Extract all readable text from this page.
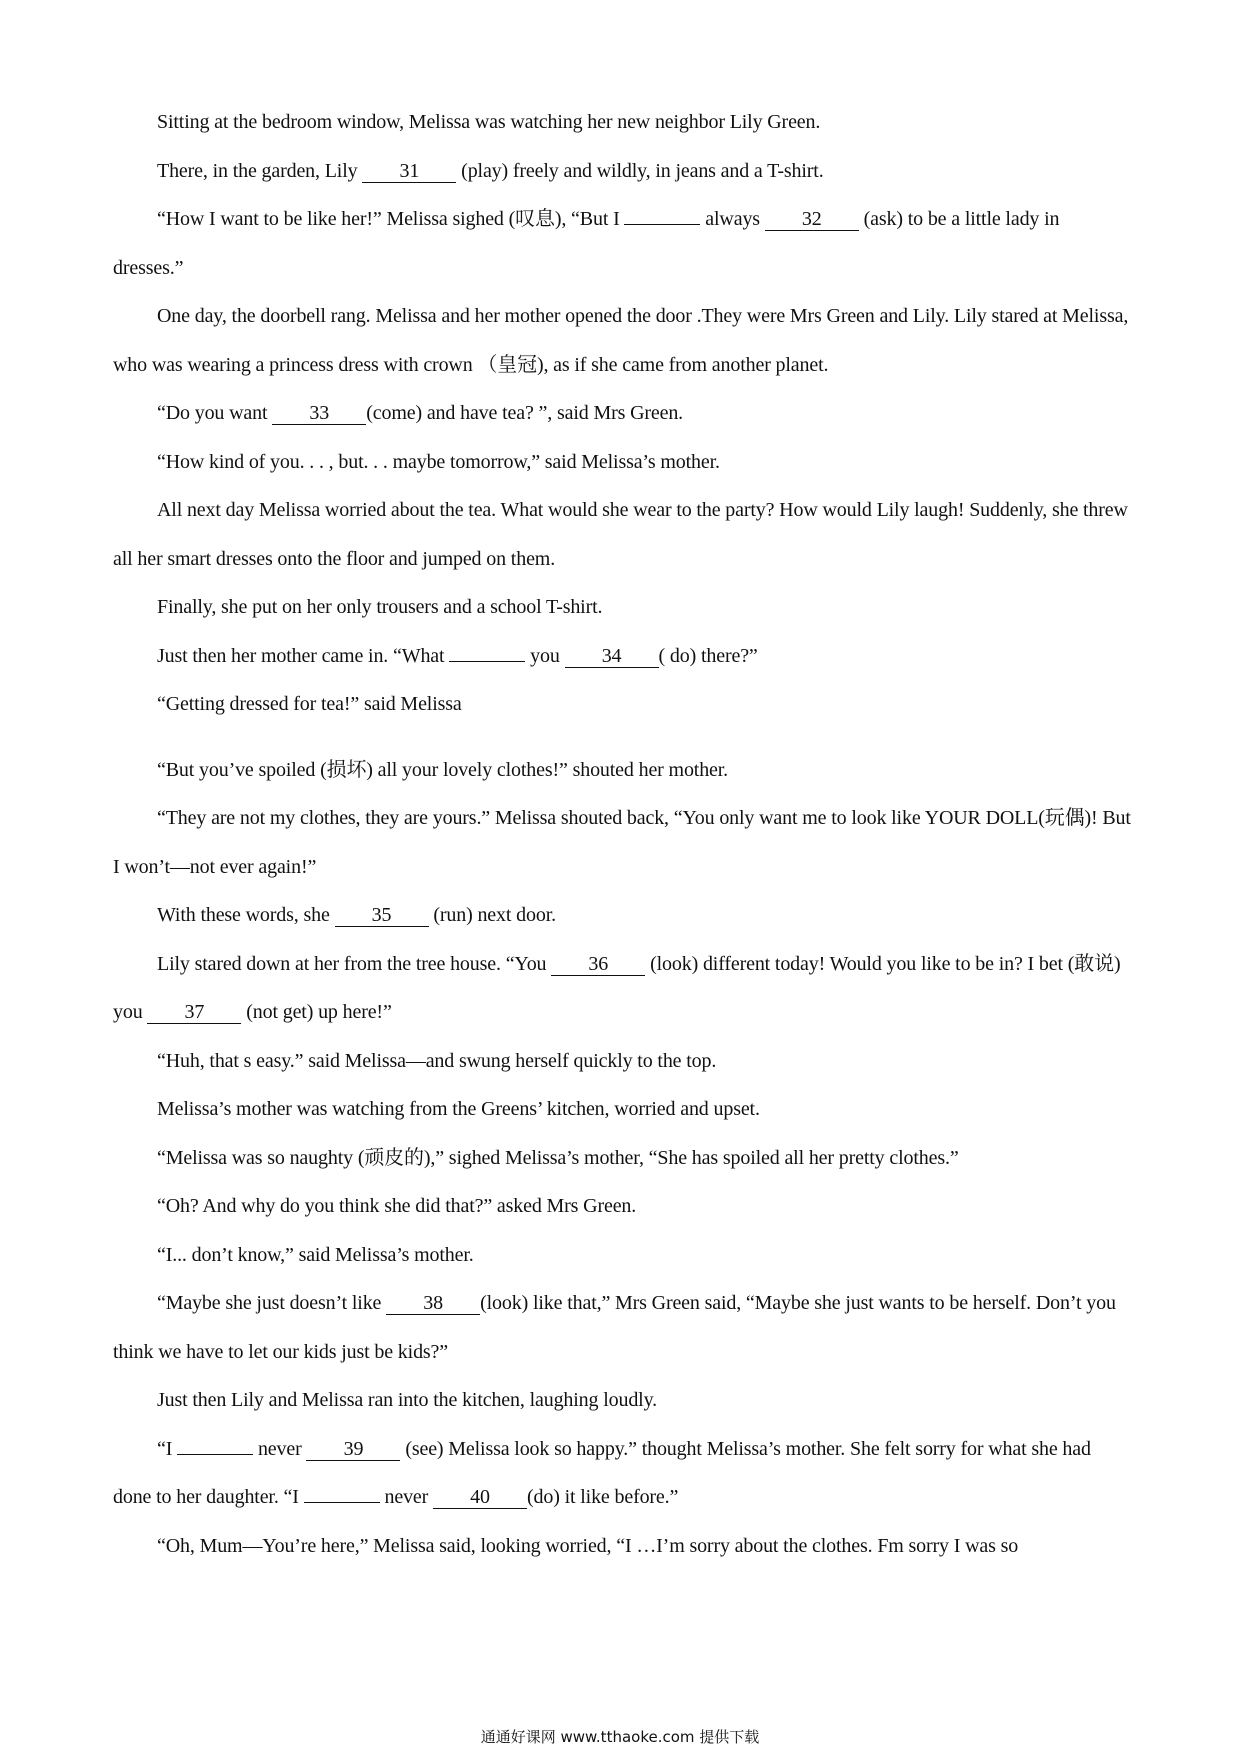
Sitting at the bedroom window, Melissa was watching her new neighbor Lily Green.

There, in the garden, Lily 31 (play) freely and wildly, in jeans and a T-shirt.

“How I want to be like her!” Melissa sighed (叹息), “But I	always 32 (ask) to be a little lady in dresses.”

One day, the doorbell rang. Melissa and her mother opened the door .They were Mrs Green and Lily. Lily stared at Melissa, who was wearing a princess dress with crown （皇冠), as if she came from another planet.

“Do you want 33 (come) and have tea? ”, said Mrs Green.

“How kind of you. . . , but. . . maybe tomorrow,” said Melissa’s mother.

All next day Melissa worried about the tea. What would she wear to the party? How would Lily laugh! Suddenly, she threw all her smart dresses onto the floor and jumped on them.

Finally, she put on her only trousers and a school T-shirt.

Just then her mother came in. “What	you 34 ( do) there?”

“Getting dressed for tea!” said Melissa

“But you’ve spoiled (损坏) all your lovely clothes!” shouted her mother.

“They are not my clothes, they are yours.” Melissa shouted back, “You only want me to look like YOUR DOLL(玩偶)! But I won’t—not ever again!”

With these words, she 35 (run) next door.

Lily stared down at her from the tree house. “You 36 (look) different today! Would you like to be in? I bet (敢说) you 37 (not get) up here!”

“Huh, that s easy.” said Melissa—and swung herself quickly to the top.

Melissa’s mother was watching from the Greens’ kitchen, worried and upset.

“Melissa was so naughty (顽皮的),” sighed Melissa’s mother, “She has spoiled all her pretty clothes.”

“Oh? And why do you think she did that?” asked Mrs Green.

“I... don’t know,” said Melissa’s mother.

“Maybe she just doesn’t like 38 (look) like that,” Mrs Green said, “Maybe she just wants to be herself. Don’t you think we have to let our kids just be kids?”

Just then Lily and Melissa ran into the kitchen, laughing loudly.

“I	never 39 (see) Melissa look so happy.” thought Melissa’s mother. She felt sorry for what she had done to her daughter. “I	never 40 (do) it like before.”

“Oh, Mum—You’re here,” Melissa said, looking worried, “I …I’m sorry about the clothes. Fm sorry I was so

通通好课网 www.tthaoke.com 提供下载
